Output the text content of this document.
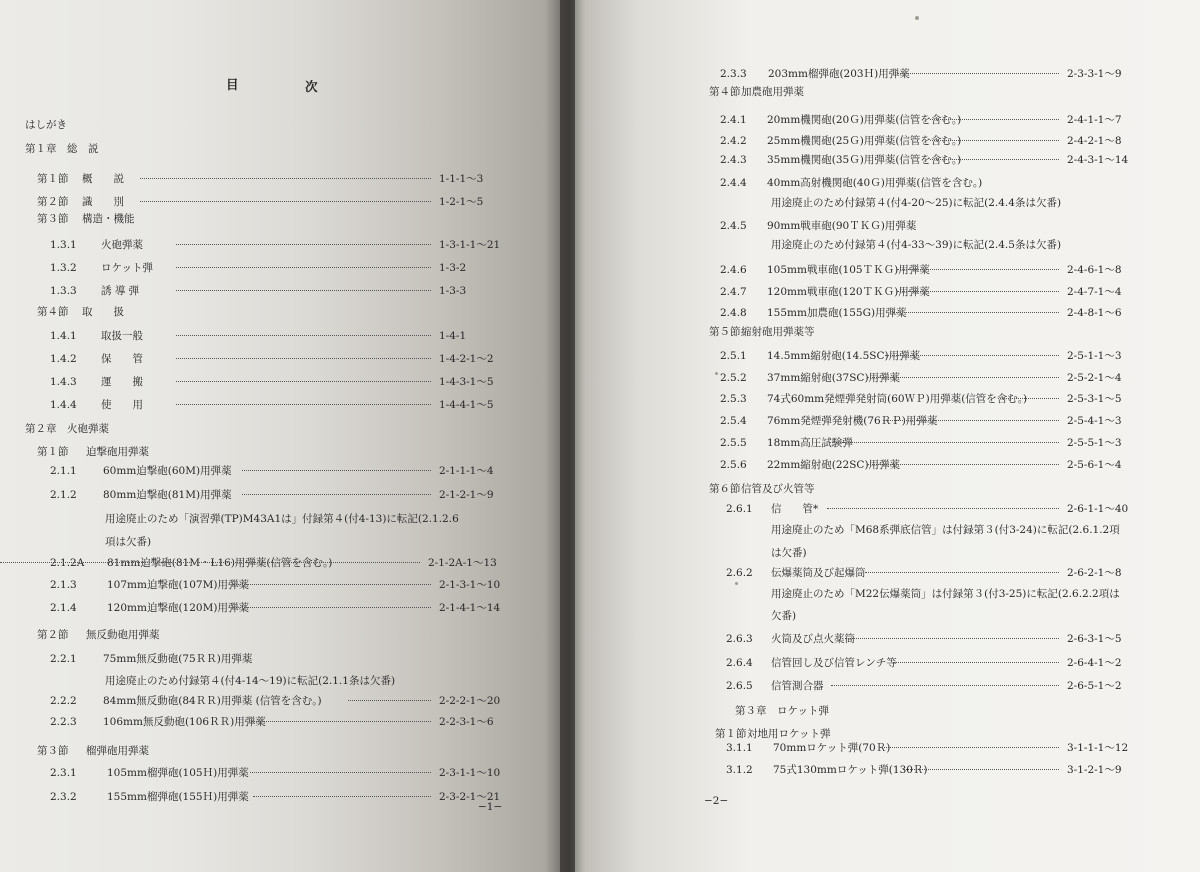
目	次
はしがき
第１章　総　説
第１節 概　　説	1-1-1～3
第２節 識　　別	1-2-1～5
第３節 構造・機能
1.3.1 火砲弾薬	1-3-1-1～21
1.3.2 ロケット弾	1-3-2
1.3.3 誘 導 弾	1-3-3
第４節 取　　扱
1.4.1 取扱一般	1-4-1
1.4.2 保　　管	1-4-2-1～2
1.4.3 運　　搬	1-4-3-1～5
1.4.4 使　　用	1-4-4-1～5
第２章　火砲弾薬
第１節 迫撃砲用弾薬
2.1.1	60mm迫撃砲(60M)用弾薬	2-1-1-1～4
2.1.2	80mm迫撃砲(81M)用弾薬	2-1-2-1～9
用途廃止のため「演習弾(TP)M43A1は」付録第４(付4-13)に転記(2.1.2.6
項は欠番)
2.1.2A 81mm迫撃砲(81M・L16)用弾薬(信管を含む。)	2-1-2A-1～13
2.1.3	107mm迫撃砲(107M)用弾薬	2-1-3-1～10
2.1.4	120mm迫撃砲(120M)用弾薬	2-1-4-1～14
第２節 無反動砲用弾薬
2.2.1	75mm無反動砲(75ＲＲ)用弾薬
用途廃止のため付録第４(付4-14～19)に転記(2.1.1条は欠番)
2.2.2	84mm無反動砲(84ＲＲ)用弾薬 (信管を含む。)	2-2-2-1～20
2.2.3	106mm無反動砲(106ＲＲ)用弾薬	2-2-3-1～6
第３節 榴弾砲用弾薬
2.3.1	105mm榴弾砲(105Ｈ)用弾薬	2-3-1-1～10
2.3.2	155mm榴弾砲(155Ｈ)用弾薬	2-3-2-1～21
−1−
2.3.3 203mm榴弾砲(203Ｈ)用弾薬	2-3-3-1～9
第４節 加農砲用弾薬
2.4.1 20mm機関砲(20Ｇ)用弾薬(信管を含む。)	2-4-1-1～7
2.4.2 25mm機関砲(25Ｇ)用弾薬(信管を含む。)	2-4-2-1～8
2.4.3 35mm機関砲(35Ｇ)用弾薬(信管を含む。)	2-4-3-1～14
2.4.4 40mm高射機関砲(40Ｇ)用弾薬(信管を含む。)
用途廃止のため付録第４(付4-20～25)に転記(2.4.4条は欠番)
2.4.5 90mm戦車砲(90ＴＫＧ)用弾薬
用途廃止のため付録第４(付4-33～39)に転記(2.4.5条は欠番)
2.4.6 105mm戦車砲(105ＴＫＧ)用弾薬	2-4-6-1～8
2.4.7 120mm戦車砲(120ＴＫＧ)用弾薬	2-4-7-1～4
2.4.8 155mm加農砲(155G)用弾薬	2-4-8-1～6
第５節 縮射砲用弾薬等
2.5.1 14.5mm縮射砲(14.5SC)用弾薬	2-5-1-1～3
2.5.2 37mm縮射砲(37SC)用弾薬	2-5-2-1～4
2.5.3 74式60mm発煙弾発射筒(60ＷＰ)用弾薬(信管を含む。)	2-5-3-1～5
2.5.4 76mm発煙弾発射機(76ＲＰ)用弾薬	2-5-4-1～3
2.5.5 18mm高圧試験弾	2-5-5-1～3
2.5.6 22mm縮射砲(22SC)用弾薬	2-5-6-1～4
第６節 信管及び火管等
2.6.1 信　　管*	2-6-1-1～40
用途廃止のため「M68系弾底信管」は付録第３(付3-24)に転記(2.6.1.2項
は欠番)
2.6.2 伝爆薬筒及び起爆筒	2-6-2-1～8
用途廃止のため「M22伝爆薬筒」は付録第３(付3-25)に転記(2.6.2.2項は
欠番)
2.6.3 火筒及び点火薬筒	2-6-3-1～5
2.6.4 信管回し及び信管レンチ等	2-6-4-1～2
2.6.5 信管測合器	2-6-5-1～2
第３章　ロケット弾
第１節 対地用ロケット弾
3.1.1 70mmロケット弾(70Ｒ)	3-1-1-1～12
3.1.2 75式130mmロケット弾(130Ｒ)	3-1-2-1～9
−2−
